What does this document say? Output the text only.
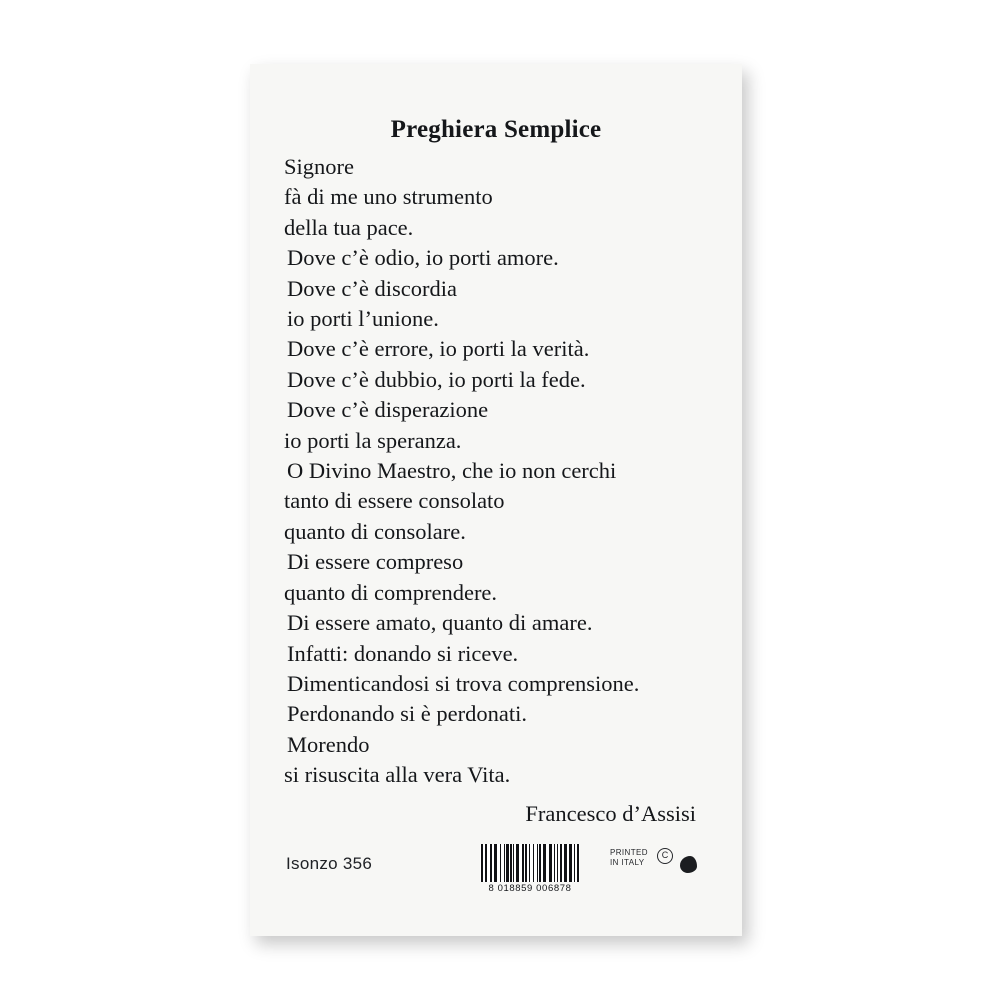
Preghiera Semplice
Signore
fà di me uno strumento
della tua pace.
Dove c’è odio, io porti amore.
Dove c’è discordia
io porti l’unione.
Dove c’è errore, io porti la verità.
Dove c’è dubbio, io porti la fede.
Dove c’è disperazione
io porti la speranza.
O Divino Maestro, che io non cerchi
tanto di essere consolato
quanto di consolare.
Di essere compreso
quanto di comprendere.
Di essere amato, quanto di amare.
Infatti: donando si riceve.
Dimenticandosi si trova comprensione.
Perdonando si è perdonati.
Morendo
si risuscita alla vera Vita.
Francesco d’Assisi
Isonzo 356
8 018859 006878
PRINTED
IN ITALY
C
